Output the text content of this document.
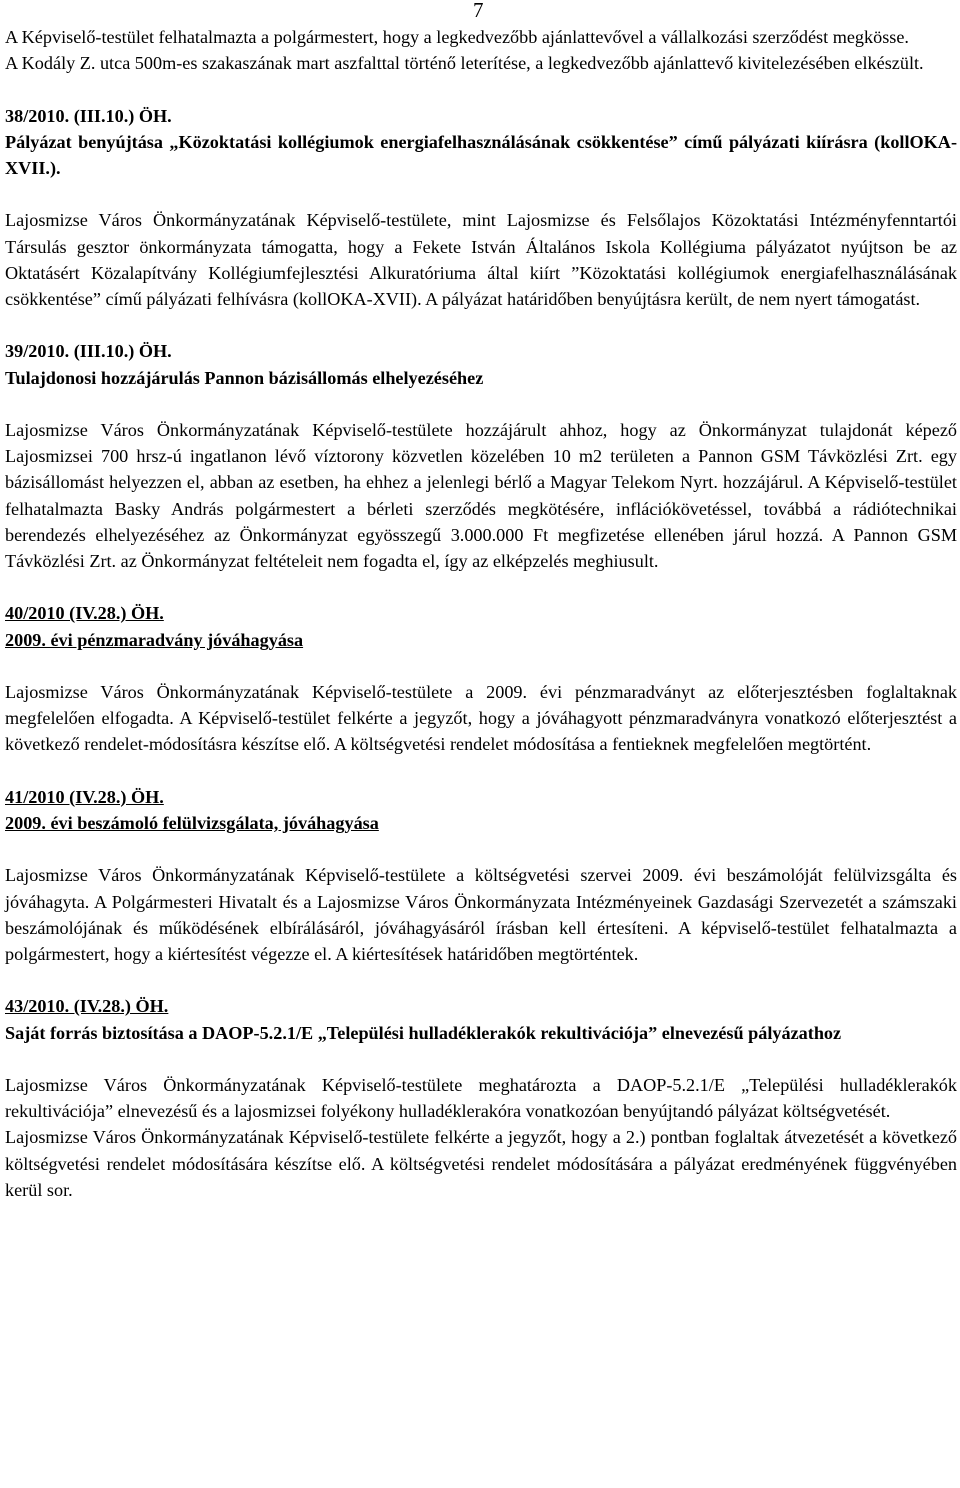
7

A Képviselő-testület felhatalmazta a polgármestert, hogy a legkedvezőbb ajánlattevővel a vállalkozási szerződést megkösse.

A Kodály Z. utca 500m-es szakaszának mart aszfalttal történő leterítése, a legkedvezőbb ajánlattevő kivitelezésében elkészült.

38/2010. (III.10.) ÖH.

Pályázat benyújtása „Közoktatási kollégiumok energiafelhasználásának csökkentése” című pályázati kiírásra (kollOKA-XVII.).

Lajosmizse Város Önkormányzatának Képviselő-testülete, mint Lajosmizse és Felsőlajos Közoktatási Intézményfenntartói Társulás gesztor önkormányzata támogatta, hogy a Fekete István Általános Iskola Kollégiuma pályázatot nyújtson be az Oktatásért Közalapítvány Kollégiumfejlesztési Alkuratóriuma által kiírt ”Közoktatási kollégiumok energiafelhasználásának csökkentése” című pályázati felhívásra (kollOKA-XVII). A pályázat határidőben benyújtásra került, de nem nyert támogatást.

39/2010. (III.10.) ÖH.

Tulajdonosi hozzájárulás Pannon bázisállomás elhelyezéséhez

Lajosmizse Város Önkormányzatának Képviselő-testülete hozzájárult ahhoz, hogy az Önkormányzat tulajdonát képező Lajosmizsei 700 hrsz-ú ingatlanon lévő víztorony közvetlen közelében 10 m2 területen a Pannon GSM Távközlési Zrt. egy bázisállomást helyezzen el, abban az esetben, ha ehhez a jelenlegi bérlő a Magyar Telekom Nyrt. hozzájárul. A Képviselő-testület felhatalmazta Basky András polgármestert a bérleti szerződés megkötésére, inflációkövetéssel, továbbá a rádiótechnikai berendezés elhelyezéséhez az Önkormányzat egyösszegű 3.000.000 Ft megfizetése ellenében járul hozzá. A Pannon GSM Távközlési Zrt. az Önkormányzat feltételeit nem fogadta el, így az elképzelés meghiusult.

40/2010 (IV.28.) ÖH.

2009. évi pénzmaradvány jóváhagyása

Lajosmizse Város Önkormányzatának Képviselő-testülete a 2009. évi pénzmaradványt az előterjesztésben foglaltaknak megfelelően elfogadta. A Képviselő-testület felkérte a jegyzőt, hogy a jóváhagyott pénzmaradványra vonatkozó előterjesztést a következő rendelet-módosításra készítse elő. A költségvetési rendelet módosítása a fentieknek megfelelően megtörtént.

41/2010 (IV.28.) ÖH.

2009. évi beszámoló felülvizsgálata, jóváhagyása

Lajosmizse Város Önkormányzatának Képviselő-testülete a költségvetési szervei 2009. évi beszámolóját felülvizsgálta és jóváhagyta. A Polgármesteri Hivatalt és a Lajosmizse Város Önkormányzata Intézményeinek Gazdasági Szervezetét a számszaki beszámolójának és működésének elbírálásáról, jóváhagyásáról írásban kell értesíteni. A képviselő-testület felhatalmazta a polgármestert, hogy a kiértesítést végezze el. A kiértesítések határidőben megtörténtek.

43/2010. (IV.28.) ÖH.

Saját forrás biztosítása a DAOP-5.2.1/E „Települési hulladéklerakók rekultivációja” elnevezésű pályázathoz

Lajosmizse Város Önkormányzatának Képviselő-testülete meghatározta a DAOP-5.2.1/E „Települési hulladéklerakók rekultivációja” elnevezésű és a lajosmizsei folyékony hulladéklerakóra vonatkozóan benyújtandó pályázat költségvetését.

Lajosmizse Város Önkormányzatának Képviselő-testülete felkérte a jegyzőt, hogy a 2.) pontban foglaltak átvezetését a következő költségvetési rendelet módosítására készítse elő. A költségvetési rendelet módosítására a pályázat eredményének függvényében kerül sor.
